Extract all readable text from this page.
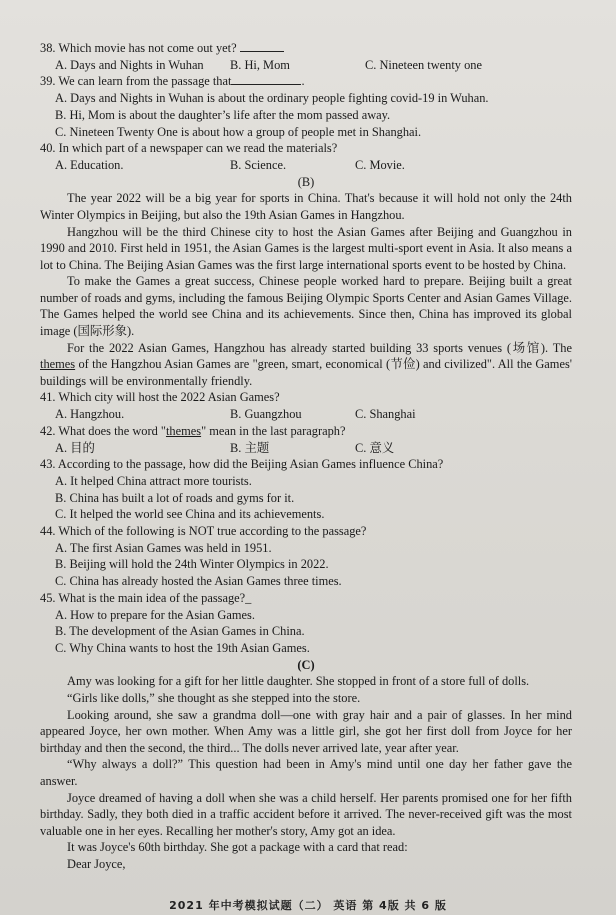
38. Which movie has not come out yet?
A. Days and Nights in Wuhan	B. Hi, Mom	C. Nineteen twenty one
39. We can learn from the passage that	.
A. Days and Nights in Wuhan is about the ordinary people fighting covid-19 in Wuhan.
B. Hi, Mom is about the daughter’s life after the mom passed away.
C. Nineteen Twenty One is about how a group of people met in Shanghai.
40. In which part of a newspaper can we read the materials?
A. Education.	B. Science.	C. Movie.
(B)

The year 2022 will be a big year for sports in China. That's because it will hold not only the 24th Winter Olympics in Beijing, but also the 19th Asian Games in Hangzhou.

Hangzhou will be the third Chinese city to host the Asian Games after Beijing and Guangzhou in 1990 and 2010. First held in 1951, the Asian Games is the largest multi-sport event in Asia. It also means a lot to China. The Beijing Asian Games was the first large international sports event to be hosted by China.

To make the Games a great success, Chinese people worked hard to prepare. Beijing built a great number of roads and gyms, including the famous Beijing Olympic Sports Center and Asian Games Village. The Games helped the world see China and its achievements. Since then, China has improved its global image (国际形象).

For the 2022 Asian Games, Hangzhou has already started building 33 sports venues (场馆). The themes of the Hangzhou Asian Games are "green, smart, economical (节俭) and civilized". All the Games' buildings will be environmentally friendly.

41. Which city will host the 2022 Asian Games?
A. Hangzhou.	B. Guangzhou	C. Shanghai
42. What does the word "themes" mean in the last paragraph?
A. 目的	B. 主题	C. 意义
43. According to the passage, how did the Beijing Asian Games influence China?
A. It helped China attract more tourists.
B. China has built a lot of roads and gyms for it.
C. It helped the world see China and its achievements.
44. Which of the following is NOT true according to the passage?
A. The first Asian Games was held in 1951.
B. Beijing will hold the 24th Winter Olympics in 2022.
C. China has already hosted the Asian Games three times.
45. What is the main idea of the passage?_
A. How to prepare for the Asian Games.
B. The development of the Asian Games in China.
C. Why China wants to host the 19th Asian Games.
(C)

Amy was looking for a gift for her little daughter. She stopped in front of a store full of dolls.

“Girls like dolls,” she thought as she stepped into the store.

Looking around, she saw a grandma doll—one with gray hair and a pair of glasses. In her mind appeared Joyce, her own mother. When Amy was a little girl, she got her first doll from Joyce for her birthday and then the second, the third... The dolls never arrived late, year after year.

“Why always a doll?” This question had been in Amy's mind until one day her father gave the answer.

Joyce dreamed of having a doll when she was a child herself. Her parents promised one for her fifth birthday. Sadly, they both died in a traffic accident before it arrived. The never-received gift was the most valuable one in her eyes. Recalling her mother's story, Amy got an idea.

It was Joyce's 60th birthday. She got a package with a card that read:

Dear Joyce,

2021 年中考模拟试题（二） 英语 第 4版 共 6 版
